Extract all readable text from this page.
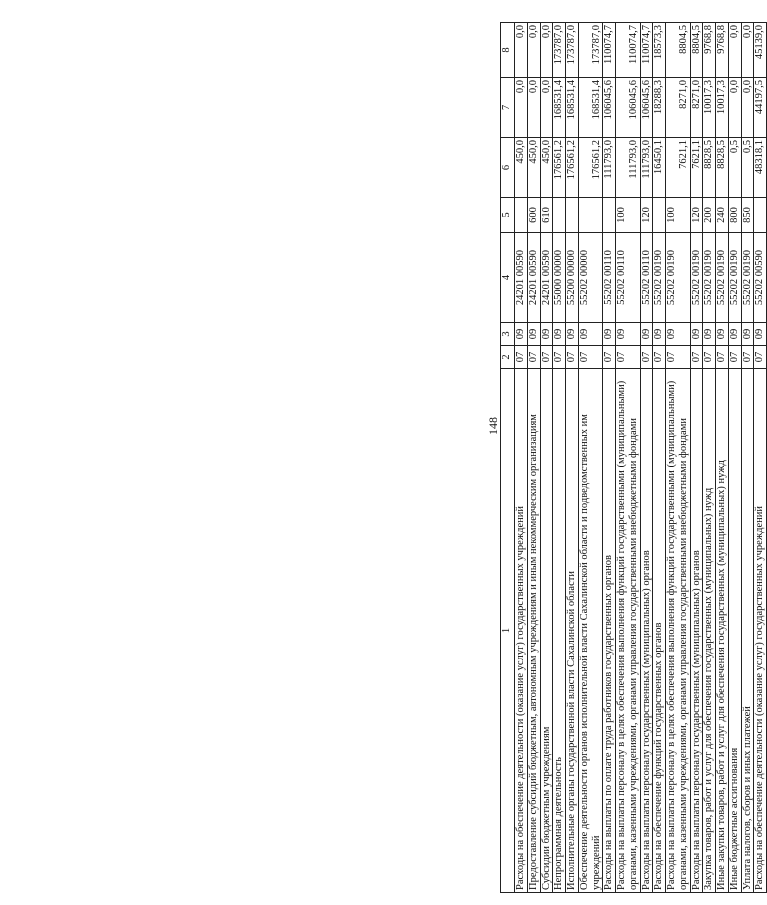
148
1	2	3	4	5	6	7	8
Расходы на обеспечение деятельности (оказание услуг) государственных учреждений	07	09	24201 00590		450,0	0,0	0,0
Предоставление субсидий бюджетным, автономным учреждениям и иным некоммерческим организациям	07	09	24201 00590	600	450,0	0,0	0,0
Субсидии бюджетным учреждениям	07	09	24201 00590	610	450,0	0,0	0,0
Непрограммная деятельность	07	09	55000 00000		176561,2	168531,4	173787,0
Исполнительные органы государственной власти Сахалинской области	07	09	55200 00000		176561,2	168531,4	173787,0
Обеспечение деятельности органов исполнительной власти Сахалинской области и подведомственных им учреждений	07	09	55202 00000		176561,2	168531,4	173787,0
Расходы на выплаты по оплате труда работников государственных органов	07	09	55202 00110		111793,0	106045,6	110074,7
Расходы на выплаты персоналу в целях обеспечения выполнения функций государственными (муниципальными) органами, казенными учреждениями, органами управления государственными внебюджетными фондами	07	09	55202 00110	100	111793,0	106045,6	110074,7
Расходы на выплаты персоналу государственных (муниципальных) органов	07	09	55202 00110	120	111793,0	106045,6	110074,7
Расходы на обеспечение функций государственных органов	07	09	55202 00190		16450,1	18288,3	18573,3
Расходы на выплаты персоналу в целях обеспечения выполнения функций государственными (муниципальными) органами, казенными учреждениями, органами управления государственными внебюджетными фондами	07	09	55202 00190	100	7621,1	8271,0	8804,5
Расходы на выплаты персоналу государственных (муниципальных) органов	07	09	55202 00190	120	7621,1	8271,0	8804,5
Закупка товаров, работ и услуг для обеспечения государственных (муниципальных) нужд	07	09	55202 00190	200	8828,5	10017,3	9768,8
Иные закупки товаров, работ и услуг для обеспечения государственных (муниципальных) нужд	07	09	55202 00190	240	8828,5	10017,3	9768,8
Иные бюджетные ассигнования	07	09	55202 00190	800	0,5	0,0	0,0
Уплата налогов, сборов и иных платежей	07	09	55202 00190	850	0,5	0,0	0,0
Расходы на обеспечение деятельности (оказание услуг) государственных учреждений	07	09	55202 00590		48318,1	44197,5	45139,0
